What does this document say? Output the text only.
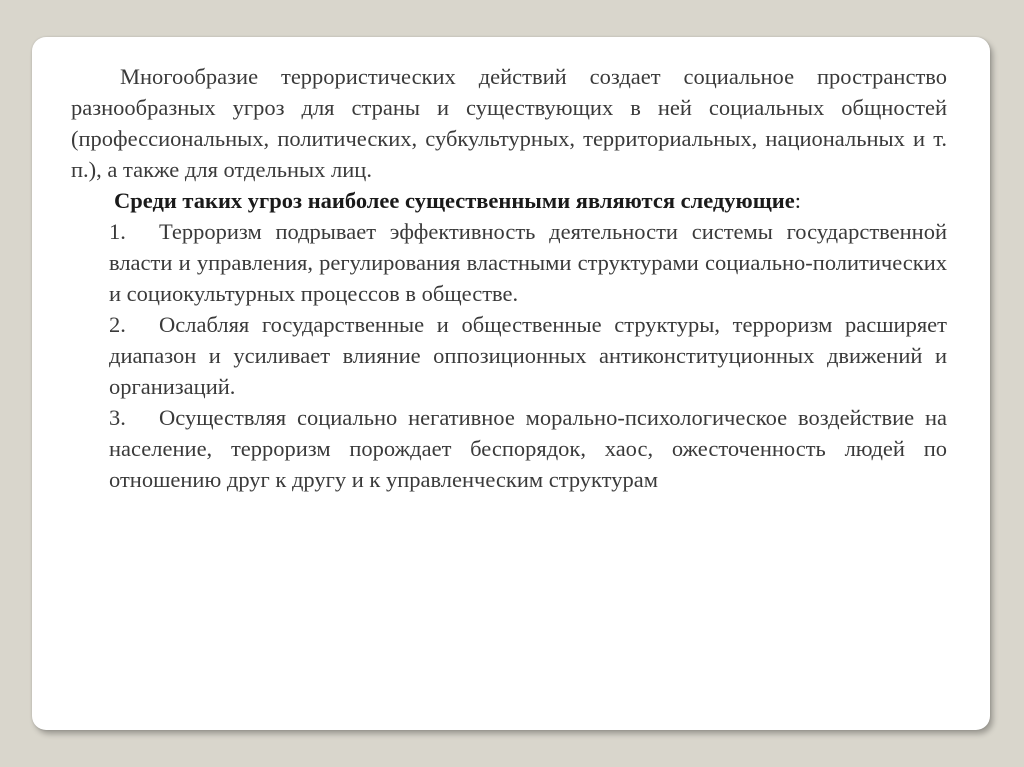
Многообразие террористических действий создает социальное пространство разнообразных угроз для страны и существующих в ней социальных общностей (профессиональных, политических, субкультурных, территориальных, национальных и т. п.), а также для отдельных лиц.

Среди таких угроз наиболее существенными являются следующие:

1. Терроризм подрывает эффективность деятельности системы государственной власти и управления, регулирования властными структурами социально-политических и социокультурных процессов в обществе.

2. Ослабляя государственные и общественные структуры, терроризм расширяет диапазон и усиливает влияние оппозиционных антиконституционных движений и организаций.

3. Осуществляя социально негативное морально-психологическое воздействие на население, терроризм порождает беспорядок, хаос, ожесточенность людей по отношению друг к другу и к управленческим структурам
